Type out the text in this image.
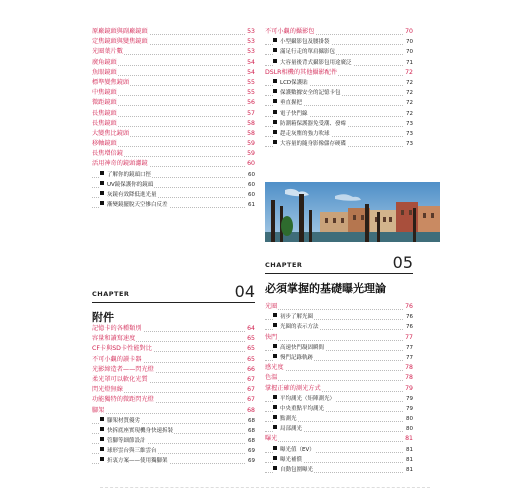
原廠鏡頭與副廠鏡頭	53
定焦鏡頭與變焦鏡頭	53
光圈葉片數	53
廣角鏡頭	54
魚眼鏡頭	54
標準變焦鏡頭	55
中焦鏡頭	55
微距鏡頭	56
長焦鏡頭	57
長焦鏡頭	58
大變焦比鏡頭	58
移軸鏡頭	59
長焦增倍鏡	59
活用神奇的鏡頭濾鏡	60
了解你的鏡頭口徑	60
UV鏡保護你的鏡頭	60
灰鏡有效降低進光量	60
漸變鏡擺脫天空慘白反差	61
不可小覷的攝影包	70
小型攝影包及腰掛袋	70
滿足行走的單肩攝影包	70
大容量後背式攝影包用途廣泛	71
DSLR相機的其他攝影配件	72
LCD保護貼	72
保護數據安全的記憶卡包	72
垂直握把	72
電子快門線	72
防潮箱保護器免受潮、發霉	73
趕走灰塵的強力吹球	73
大容量的隨身影像儲存硬碟	73
CHAPTER	05
必須掌握的基礎曝光理論
CHAPTER	04
附件
記憶卡的各種類別	64
容量和讀寫速度	65
CF卡與SD卡性能對比	65
不可小覷的讀卡器	65
光影締造者——閃光燈	66
柔光罩可以軟化光質	67
閃光燈無線	67
功能獨特的微距閃光燈	67
腳架	68
腳架材質優劣	68
快拆底座實現機身快速拆裝	68
管腳等細節設計	68
球形雲台與三維雲台	69
折衷方案——使用獨腳架	69
光圈	76
初步了解光圈	76
光圈的表示方法	76
快門	77
高速快門凝固瞬間	77
慢門記錄軌跡	77
感光度	78
色溫	78
掌握正確的測光方式	79
平均測光（矩陣測光）	79
中央重點平均測光	79
點測光	80
局部測光	80
曝光	81
曝光值（EV）	81
曝光補償	81
自動包圍曝光	81
